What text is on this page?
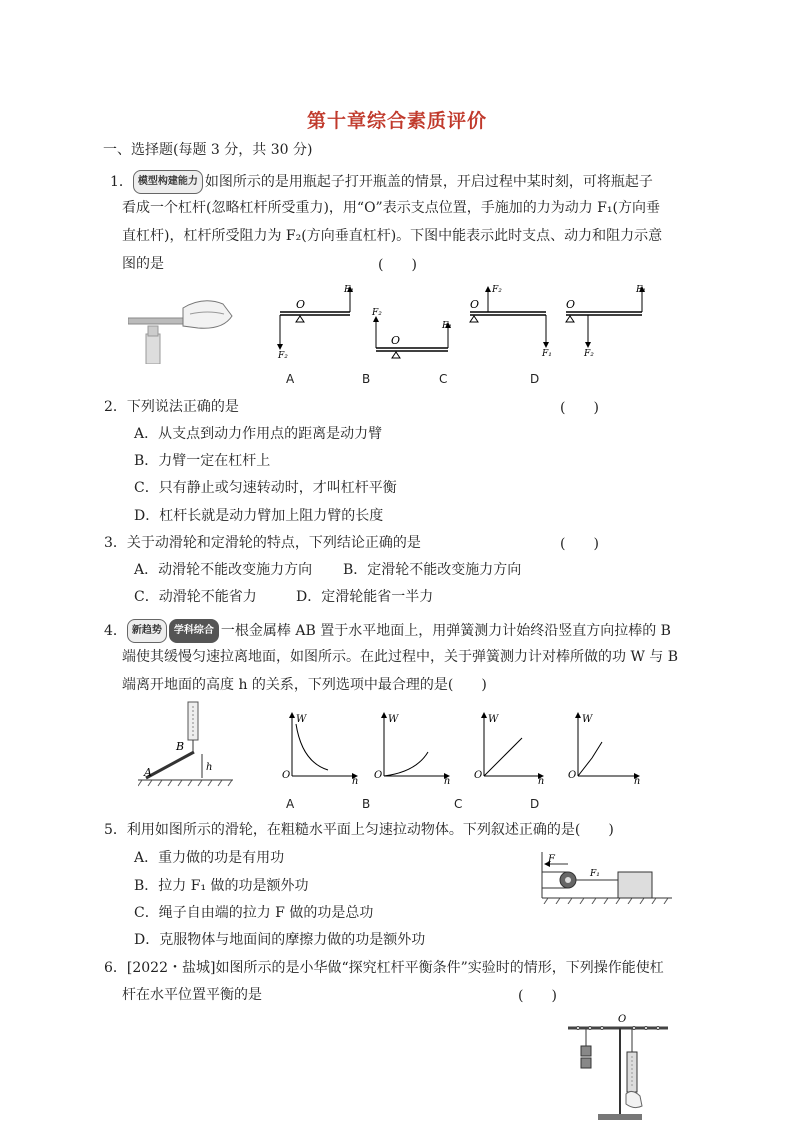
第十章综合素质评价
一、选择题(每题 3 分，共 30 分)
1． 模型构建能力 如图所示的是用瓶起子打开瓶盖的情景，开启过程中某时刻，可将瓶起子
看成一个杠杆(忽略杠杆所受重力)，用“O”表示支点位置，手施加的力为动力 F₁(方向垂
直杠杆)，杠杆所受阻力为 F₂(方向垂直杠杆)。下图中能表示此时支点、动力和阻力示意
图的是	(　　)
O
F₁
F₂
O
F₂
F₁
O
F₂
F₁
O
F₁
F₂
A	B	C	D
2．下列说法正确的是	(　　)
A．从支点到动力作用点的距离是动力臂
B．力臂一定在杠杆上
C．只有静止或匀速转动时，才叫杠杆平衡
D．杠杆长就是动力臂加上阻力臂的长度
3．关于动滑轮和定滑轮的特点，下列结论正确的是	(　　)
A．动滑轮不能改变施力方向 B．定滑轮不能改变施力方向
C．动滑轮不能省力	D．定滑轮能省一半力
4． 新趋势 学科综合 一根金属棒 AB 置于水平地面上，用弹簧测力计始终沿竖直方向拉棒的 B
端使其缓慢匀速拉离地面，如图所示。在此过程中，关于弹簧测力计对棒所做的功 W 与 B
端离开地面的高度 h 的关系，下列选项中最合理的是(　　)
B
A	h
W
O
h
W
O
h
W
O
h
W
O
h
A	B	C	D
5．利用如图所示的滑轮，在粗糙水平面上匀速拉动物体。下列叙述正确的是(　　)
A．重力做的功是有用功
B．拉力 F₁ 做的功是额外功
C．绳子自由端的拉力 F 做的功是总功
D．克服物体与地面间的摩擦力做的功是额外功
F
F₁
6．[2022・盐城]如图所示的是小华做“探究杠杆平衡条件”实验时的情形，下列操作能使杠
杆在水平位置平衡的是	(　　)
O
